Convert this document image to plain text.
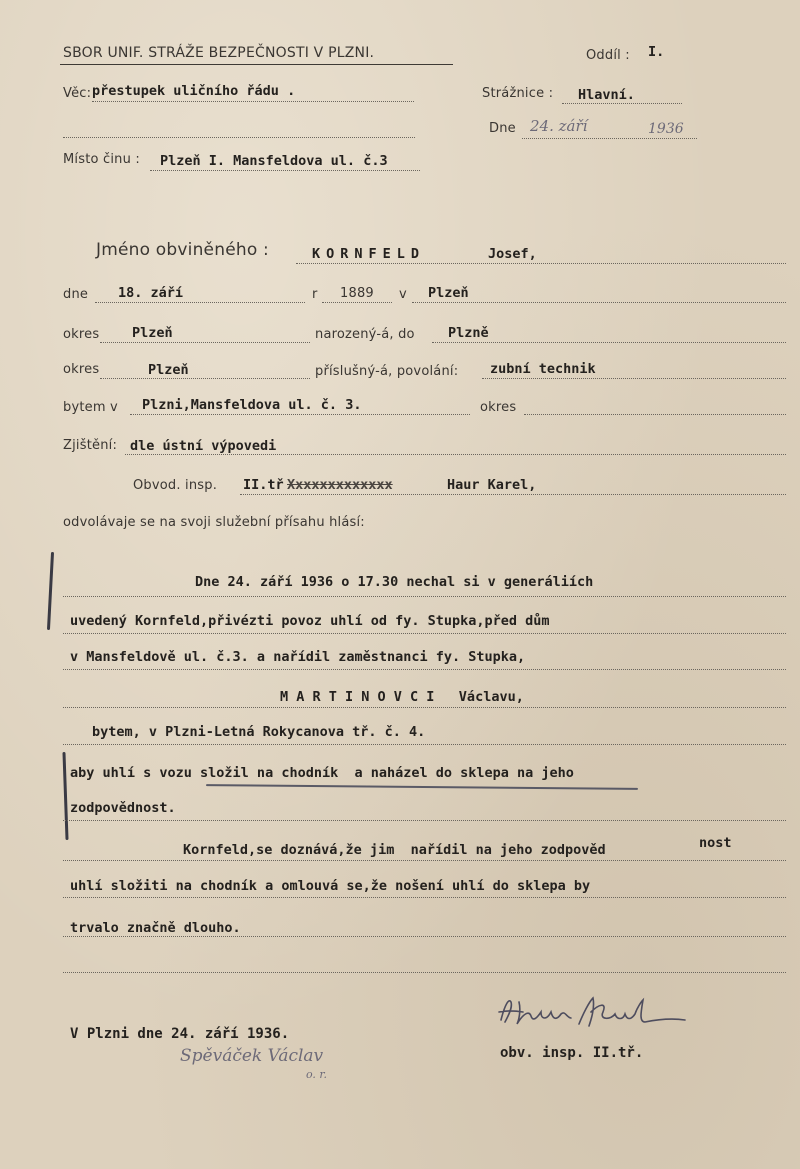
SBOR UNIF. STRÁŽE BEZPEČNOSTI V PLZNI.	Oddíl : I.
Věc: přestupek uličního řádu .	Strážnice : Hlavní.
Dne 24. září	1936
Místo činu : Plzeň I. Mansfeldova ul. č.3
Jméno obviněného :	KORNFELD	Josef,
dne 18. září	r 1889 v Plzeň
okres Plzeň	narozený-á, do Plzně
okres	Plzeň	příslušný-á, povolání: zubní technik
bytem v Plzni,Mansfeldova ul. č. 3.	okres
Zjištění: dle ústní výpovedi
Obvod. insp. II.tř Xxxxxxxxxxxxx	Haur Karel,
odvolávaje se na svoji služební přísahu hlásí:
Dne 24. září 1936 o 17.30 nechal si v generáliích
uvedený Kornfeld,přivézti povoz uhlí od fy. Stupka,před dům
v Mansfeldově ul. č.3. a nařídil zaměstnanci fy. Stupka,
M A R T I N O V C I   Václavu,
bytem, v Plzni-Letná Rokycanova tř. č. 4.
aby uhlí s vozu složil na chodník  a naházel do sklepa na jeho
zodpovědnost.
Kornfeld,se doznává,že jim  nařídil na jeho zodpověd	nost
uhlí složiti na chodník a omlouvá se,že nošení uhlí do sklepa by
trvalo značně dlouho.
V Plzni dne 24. září 1936.
Spěváček Václav
o. r.
obv. insp. II.tř.
